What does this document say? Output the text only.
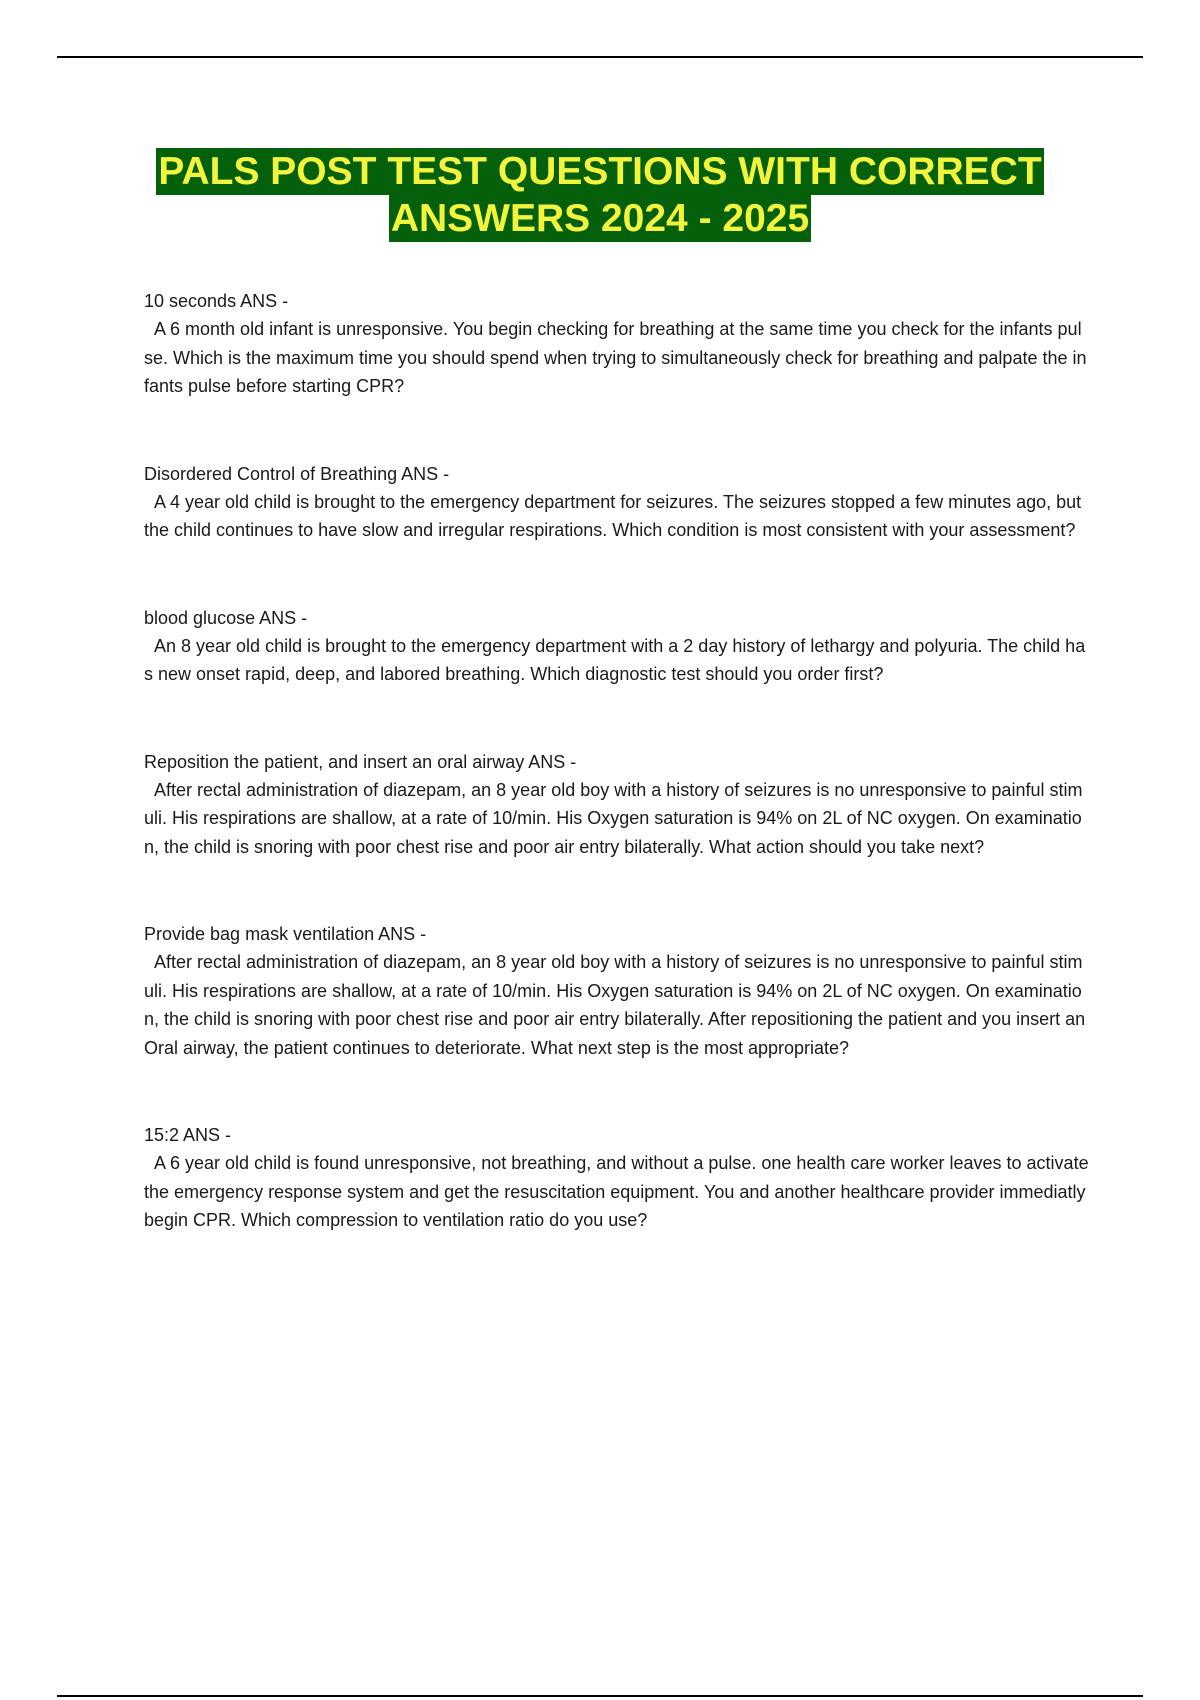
PALS POST TEST QUESTIONS WITH CORRECT
ANSWERS 2024 - 2025
10 seconds ANS -
A 6 month old infant is unresponsive. You begin checking for breathing at the same time you check for the infants pulse. Which is the maximum time you should spend when trying to simultaneously check for breathing and palpate the infants pulse before starting CPR?
Disordered Control of Breathing ANS -
A 4 year old child is brought to the emergency department for seizures. The seizures stopped a few minutes ago, but the child continues to have slow and irregular respirations. Which condition is most consistent with your assessment?
blood glucose ANS -
An 8 year old child is brought to the emergency department with a 2 day history of lethargy and polyuria. The child has new onset rapid, deep, and labored breathing. Which diagnostic test should you order first?
Reposition the patient, and insert an oral airway ANS -
After rectal administration of diazepam, an 8 year old boy with a history of seizures is no unresponsive to painful stimuli. His respirations are shallow, at a rate of 10/min. His Oxygen saturation is 94% on 2L of NC oxygen. On examination, the child is snoring with poor chest rise and poor air entry bilaterally. What action should you take next?
Provide bag mask ventilation ANS -
After rectal administration of diazepam, an 8 year old boy with a history of seizures is no unresponsive to painful stimuli. His respirations are shallow, at a rate of 10/min. His Oxygen saturation is 94% on 2L of NC oxygen. On examination, the child is snoring with poor chest rise and poor air entry bilaterally. After repositioning the patient and you insert an Oral airway, the patient continues to deteriorate. What next step is the most appropriate?
15:2 ANS -
A 6 year old child is found unresponsive, not breathing, and without a pulse. one health care worker leaves to activate the emergency response system and get the resuscitation equipment. You and another healthcare provider immediatly begin CPR. Which compression to ventilation ratio do you use?
